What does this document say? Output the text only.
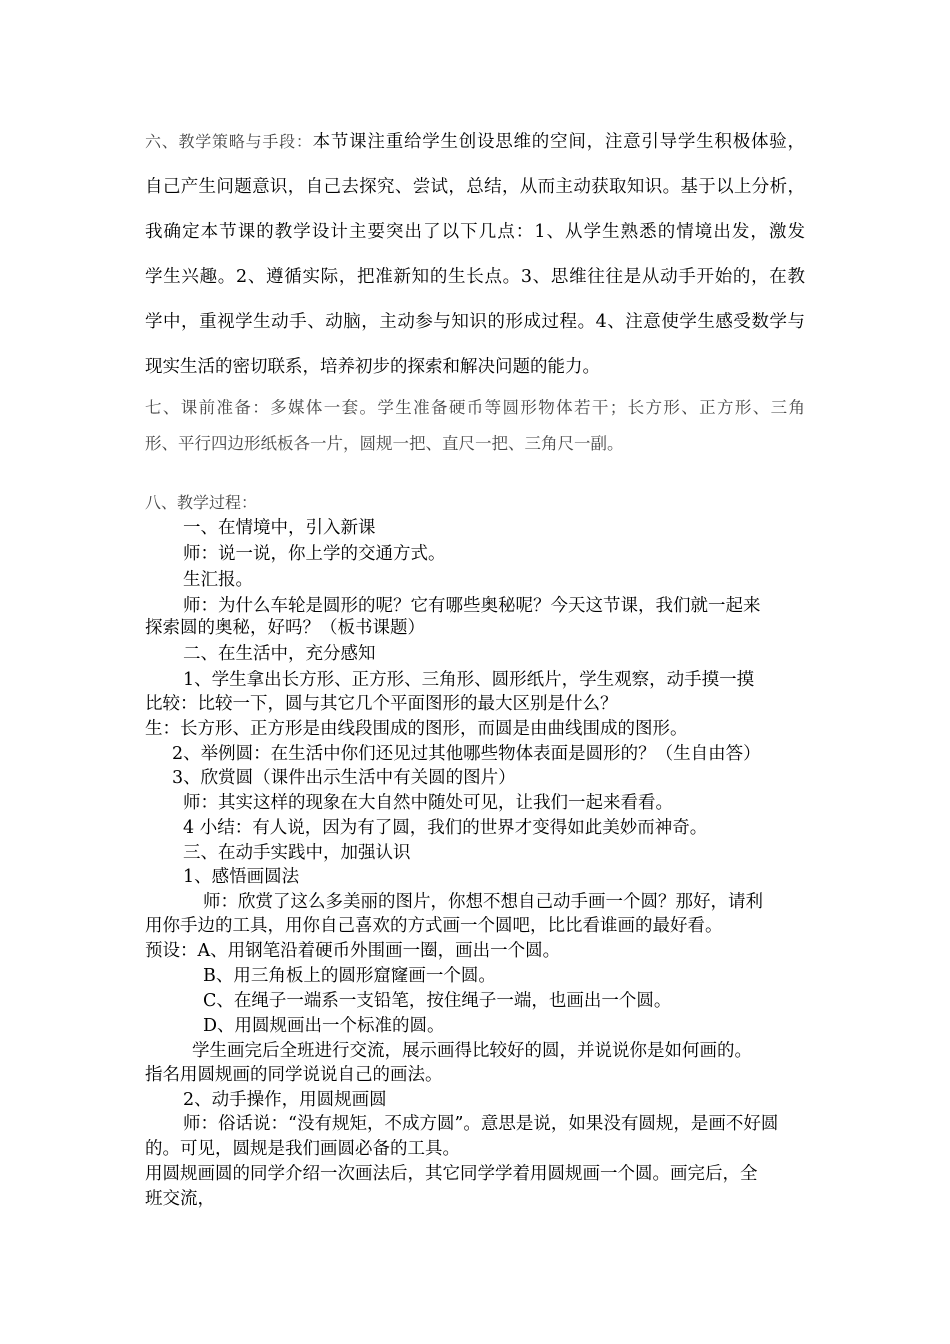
六、教学策略与手段：本节课注重给学生创设思维的空间，注意引导学生积极体验，
自己产生问题意识，自己去探究、尝试，总结，从而主动获取知识。基于以上分析，
我确定本节课的教学设计主要突出了以下几点：1、从学生熟悉的情境出发，激发
学生兴趣。2、遵循实际，把准新知的生长点。3、思维往往是从动手开始的，在教
学中，重视学生动手、动脑，主动参与知识的形成过程。4、注意使学生感受数学与
现实生活的密切联系，培养初步的探索和解决问题的能力。
七、课前准备：多媒体一套。学生准备硬币等圆形物体若干；长方形、正方形、三角
形、平行四边形纸板各一片，圆规一把、直尺一把、三角尺一副。
八、教学过程：
一、在情境中，引入新课
师：说一说，你上学的交通方式。
生汇报。
师：为什么车轮是圆形的呢？它有哪些奥秘呢？今天这节课，我们就一起来
探索圆的奥秘，好吗？（板书课题）
二、在生活中，充分感知
1、学生拿出长方形、正方形、三角形、圆形纸片，学生观察，动手摸一摸
比较：比较一下，圆与其它几个平面图形的最大区别是什么？
生：长方形、正方形是由线段围成的图形，而圆是由曲线围成的图形。
2、举例圆：在生活中你们还见过其他哪些物体表面是圆形的？（生自由答）
3、欣赏圆（课件出示生活中有关圆的图片）
师：其实这样的现象在大自然中随处可见，让我们一起来看看。
4 小结：有人说，因为有了圆，我们的世界才变得如此美妙而神奇。
三、在动手实践中，加强认识
1、感悟画圆法
师：欣赏了这么多美丽的图片，你想不想自己动手画一个圆？那好，请利
用你手边的工具，用你自己喜欢的方式画一个圆吧，比比看谁画的最好看。
预设：A、用钢笔沿着硬币外围画一圈，画出一个圆。
B、用三角板上的圆形窟窿画一个圆。
C、在绳子一端系一支铅笔，按住绳子一端，也画出一个圆。
D、用圆规画出一个标准的圆。
学生画完后全班进行交流，展示画得比较好的圆，并说说你是如何画的。
指名用圆规画的同学说说自己的画法。
2、动手操作，用圆规画圆
师：俗话说：“没有规矩，不成方圆”。意思是说，如果没有圆规，是画不好圆
的。可见，圆规是我们画圆必备的工具。
用圆规画圆的同学介绍一次画法后，其它同学学着用圆规画一个圆。画完后，全
班交流，
